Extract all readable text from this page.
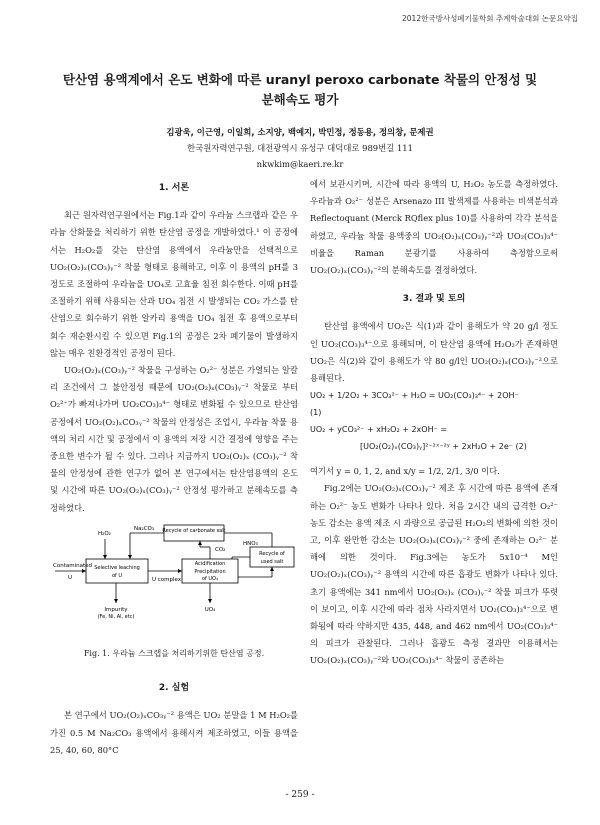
2012한국방사성폐기물학회 추계학술대회 논문요약집
탄산염 용액계에서 온도 변화에 따른 uranyl peroxo carbonate 착물의 안정성 및
분해속도 평가
김광욱, 이근영, 이일희, 소지양, 백예지, 박민정, 정동용, 정의창, 문제권
한국원자력연구원, 대전광역시 유성구 대덕대로 989번길 111
nkwkim@kaeri.re.kr
1. 서론
최근 원자력연구원에서는 Fig.1과 같이 우라늄 스크랩과 같은 우라늄 산화물을 처리하기 위한 탄산염 공정을 개발하였다.¹ 이 공정에서는 H₂O₂를 갖는 탄산염 용액에서 우라늄만을 선택적으로 UO₂(O₂)ₓ(CO₃)ᵧ⁻² 착물 형태로 용해하고, 이후 이 용액의 pH를 3 정도로 조절하여 우라늄을 UO₄로 고효율 침전 회수한다. 이때 pH를 조절하기 위해 사용되는 산과 UO₄ 침전 시 발생되는 CO₂ 가스를 탄산염으로 회수하기 위한 알카리 용액을 UO₄ 침전 후 용액으로부터 회수 재순환시킬 수 있으면 Fig.1의 공정은 2차 폐기물이 발생하지 않는 매우 친환경적인 공정이 된다.
UO₂(O₂)ₓ(CO₃)ᵧ⁻² 착물을 구성하는 O₂²⁻ 성분은 가열되는 알칼리 조건에서 그 불안정성 때문에 UO₂(O₂)ₓ(CO₃)ᵧ⁻² 착물로 부터 O₂²⁻가 빠져나가며 UO₂CO₃)₃⁴⁻ 형태로 변화될 수 있으므로 탄산염 공정에서 UO₂(O₂)ₓCO₃ᵧ⁻² 착물의 안정성은 조업시, 우라늄 착물 용액의 처리 시간 및 공정에서 이 용액의 저장 시간 결정에 영향을 주는 중요한 변수가 될 수 있다. 그러나 지금까지 UO₂(O₂)ₓ (CO₃)ᵧ⁻² 착물의 안정성에 관한 연구가 없어 본 연구에서는 탄산염용액의 온도 및 시간에 따른 UO₂(O₂)ₓ(CO₃)ᵧ⁻² 안정성 평가하고 분해속도를 측정하였다.
H₂O₂
Na₂CO₃ Recycle of carbonate salt
CO₂
HNO₃
Contaminated
U
Selective leaching
of U
U complex
Acidification
Precipitation
of UO₄
UO₄
Recycle of
used salt
Impurity
(Fe, Ni, Al, etc)
Fig. 1. 우라늄 스크랩을 처리하기위한 탄산염 공정.
2. 실험
본 연구에서 UO₂(O₂)ₓCO₃ᵧ⁻² 용액은 UO₂ 분말을 1 M H₂O₂를 가진 0.5 M Na₂CO₃ 용액에서 용해시켜 제조하였고, 이들 용액을 25, 40, 60, 80°C
에서 보관시키며, 시간에 따라 용액의 U, H₂O₂ 농도를 측정하였다. 우라늄과 O₂²⁻ 성분은 Arsenazo III 발색제를 사용하는 비색분석과 Reflectoquant (Merck RQflex plus 10)를 사용하여 각각 분석을 하였고, 우라늄 착물 용액중의 UO₂(O₂)ₓ(CO₃)ᵧ⁻²과 UO₂(CO₃)₃⁴⁻ 비율을 Raman 분광기를 사용하여 측정함으로써 UO₂(O₂)ₓ(CO₃)ᵧ⁻²의 분해속도를 결정하였다.
3. 결과 및 토의
탄산염 용액에서 UO₂은 식(1)과 같이 용해도가 약 20 g/l 정도인 UO₂(CO₃)₃⁴⁻으로 용해되며, 이 탄산염 용액에 H₂O₂가 존재하면 UO₂은 식(2)와 같이 용해도가 약 80 g/l인 UO₂(O₂)ₓ(CO₃)ᵧ⁻²으로 용해된다.
UO₂ + 1/2O₂ + 3CO₃²⁻ + H₂O = UO₂(CO₃)₃⁴⁻ + 2OH⁻
(1)
UO₂ + yCO₃²⁻ + xH₂O₂ + 2xOH⁻ =
[UO₂(O₂)ₓ(CO₃)ᵧ]²⁻²ˣ⁻²ʸ + 2xH₂O + 2e⁻ (2)
여기서 y = 0, 1, 2, and x/y = 1/2, 2/1, 3/0 이다.
Fig.2에는 UO₂(O₂)ₓ(CO₃)ᵧ⁻² 제조 후 시간에 따른 용액에 존재하는 O₂²⁻ 농도 변화가 나타나 있다. 처음 2시간 내의 급격한 O₂²⁻ 농도 감소는 용액 제조 시 과량으로 공급된 H₂O₂의 변화에 의한 것이고, 이후 완만한 감소는 UO₂(O₂)ₓ(CO₃)ᵧ⁻² 중에 존재하는 O₂²⁻ 분해에 의한 것이다. Fig.3에는 농도가 5x10⁻⁴ M인 UO₂(O₂)ₓ(CO₃)ᵧ⁻² 용액의 시간에 따른 흡광도 변화가 나타나 있다. 초기 용액에는 341 nm에서 UO₂(O₂)ₓ (CO₃)ᵧ⁻² 착물 피크가 뚜렷이 보이고, 이후 시간에 따라 점차 사라지면서 UO₂(CO₃)₃⁴⁻으로 변화됨에 따라 약하지만 435, 448, and 462 nm에서 UO₂(CO₃)₃⁴⁻의 피크가 관찰된다. 그러나 흡광도 측정 결과만 이용해서는 UO₂(O₂)ₓ(CO₃)ᵧ⁻²와 UO₂(CO₃)₃⁴⁻ 착물이 공존하는
- 259 -
